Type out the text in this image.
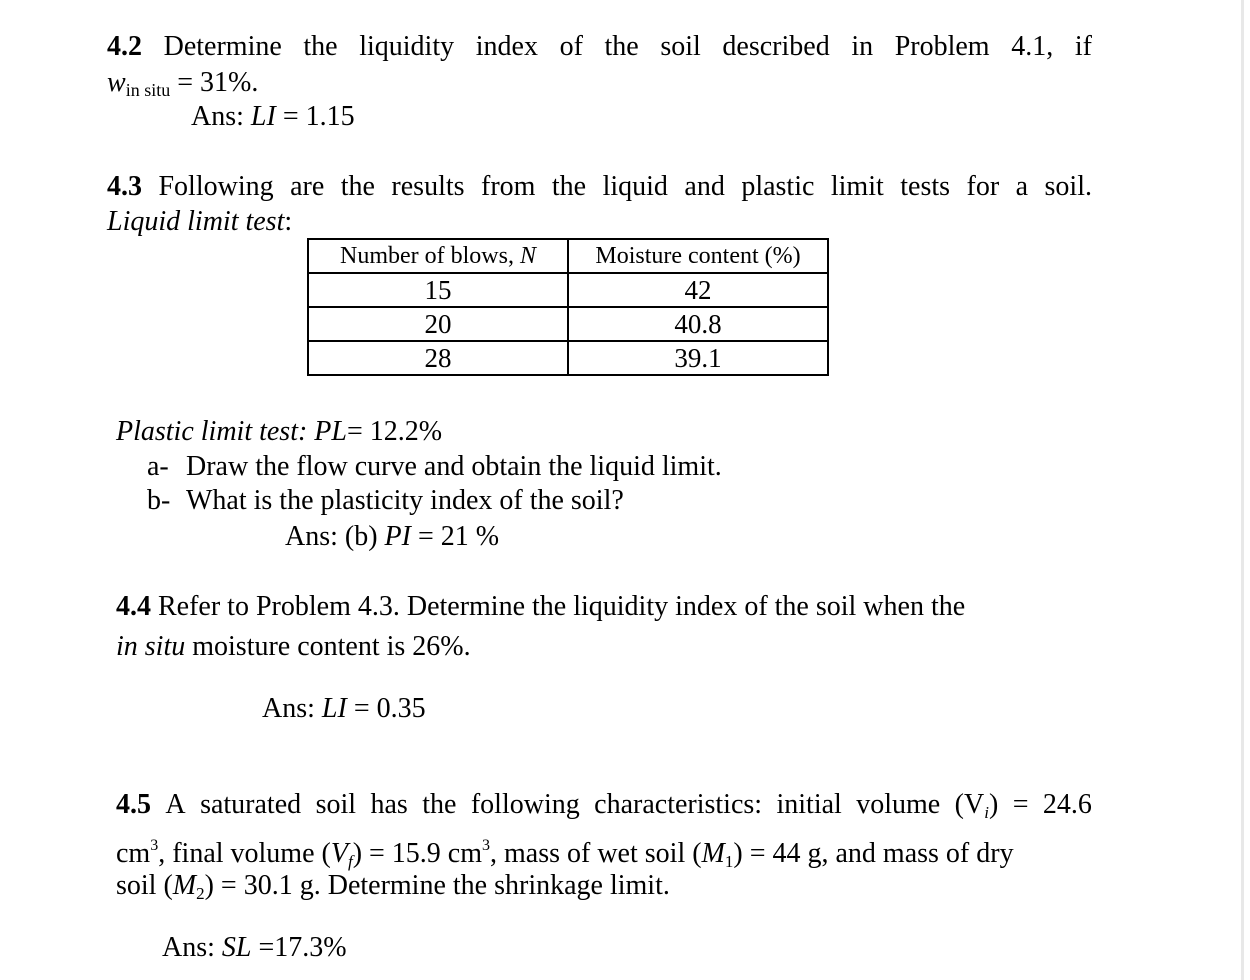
4.2 Determine the liquidity index of the soil described in Problem 4.1, if
$w_{in situ} = 31\%$.
Ans: LI = 1.15
4.3 Following are the results from the liquid and plastic limit tests for a soil.
Liquid limit test:
Number of blows, N	Moisture content (%)
15	42
20	40.8
28	39.1
Plastic limit test: PL= 12.2%
a- Draw the flow curve and obtain the liquid limit.
b- What is the plasticity index of the soil?
Ans: (b) PI = 21 %
4.4 Refer to Problem 4.3. Determine the liquidity index of the soil when the
in situ moisture content is 26%.
Ans: LI = 0.35
4.5 A saturated soil has the following characteristics: initial volume (Vi) = 24.6
$cm^3$, final volume (Vf) = 15.9 $cm^3$, mass of wet soil (M1) = 44 g, and mass of dry
soil (M2) = 30.1 g. Determine the shrinkage limit.
Ans: SL =17.3%
